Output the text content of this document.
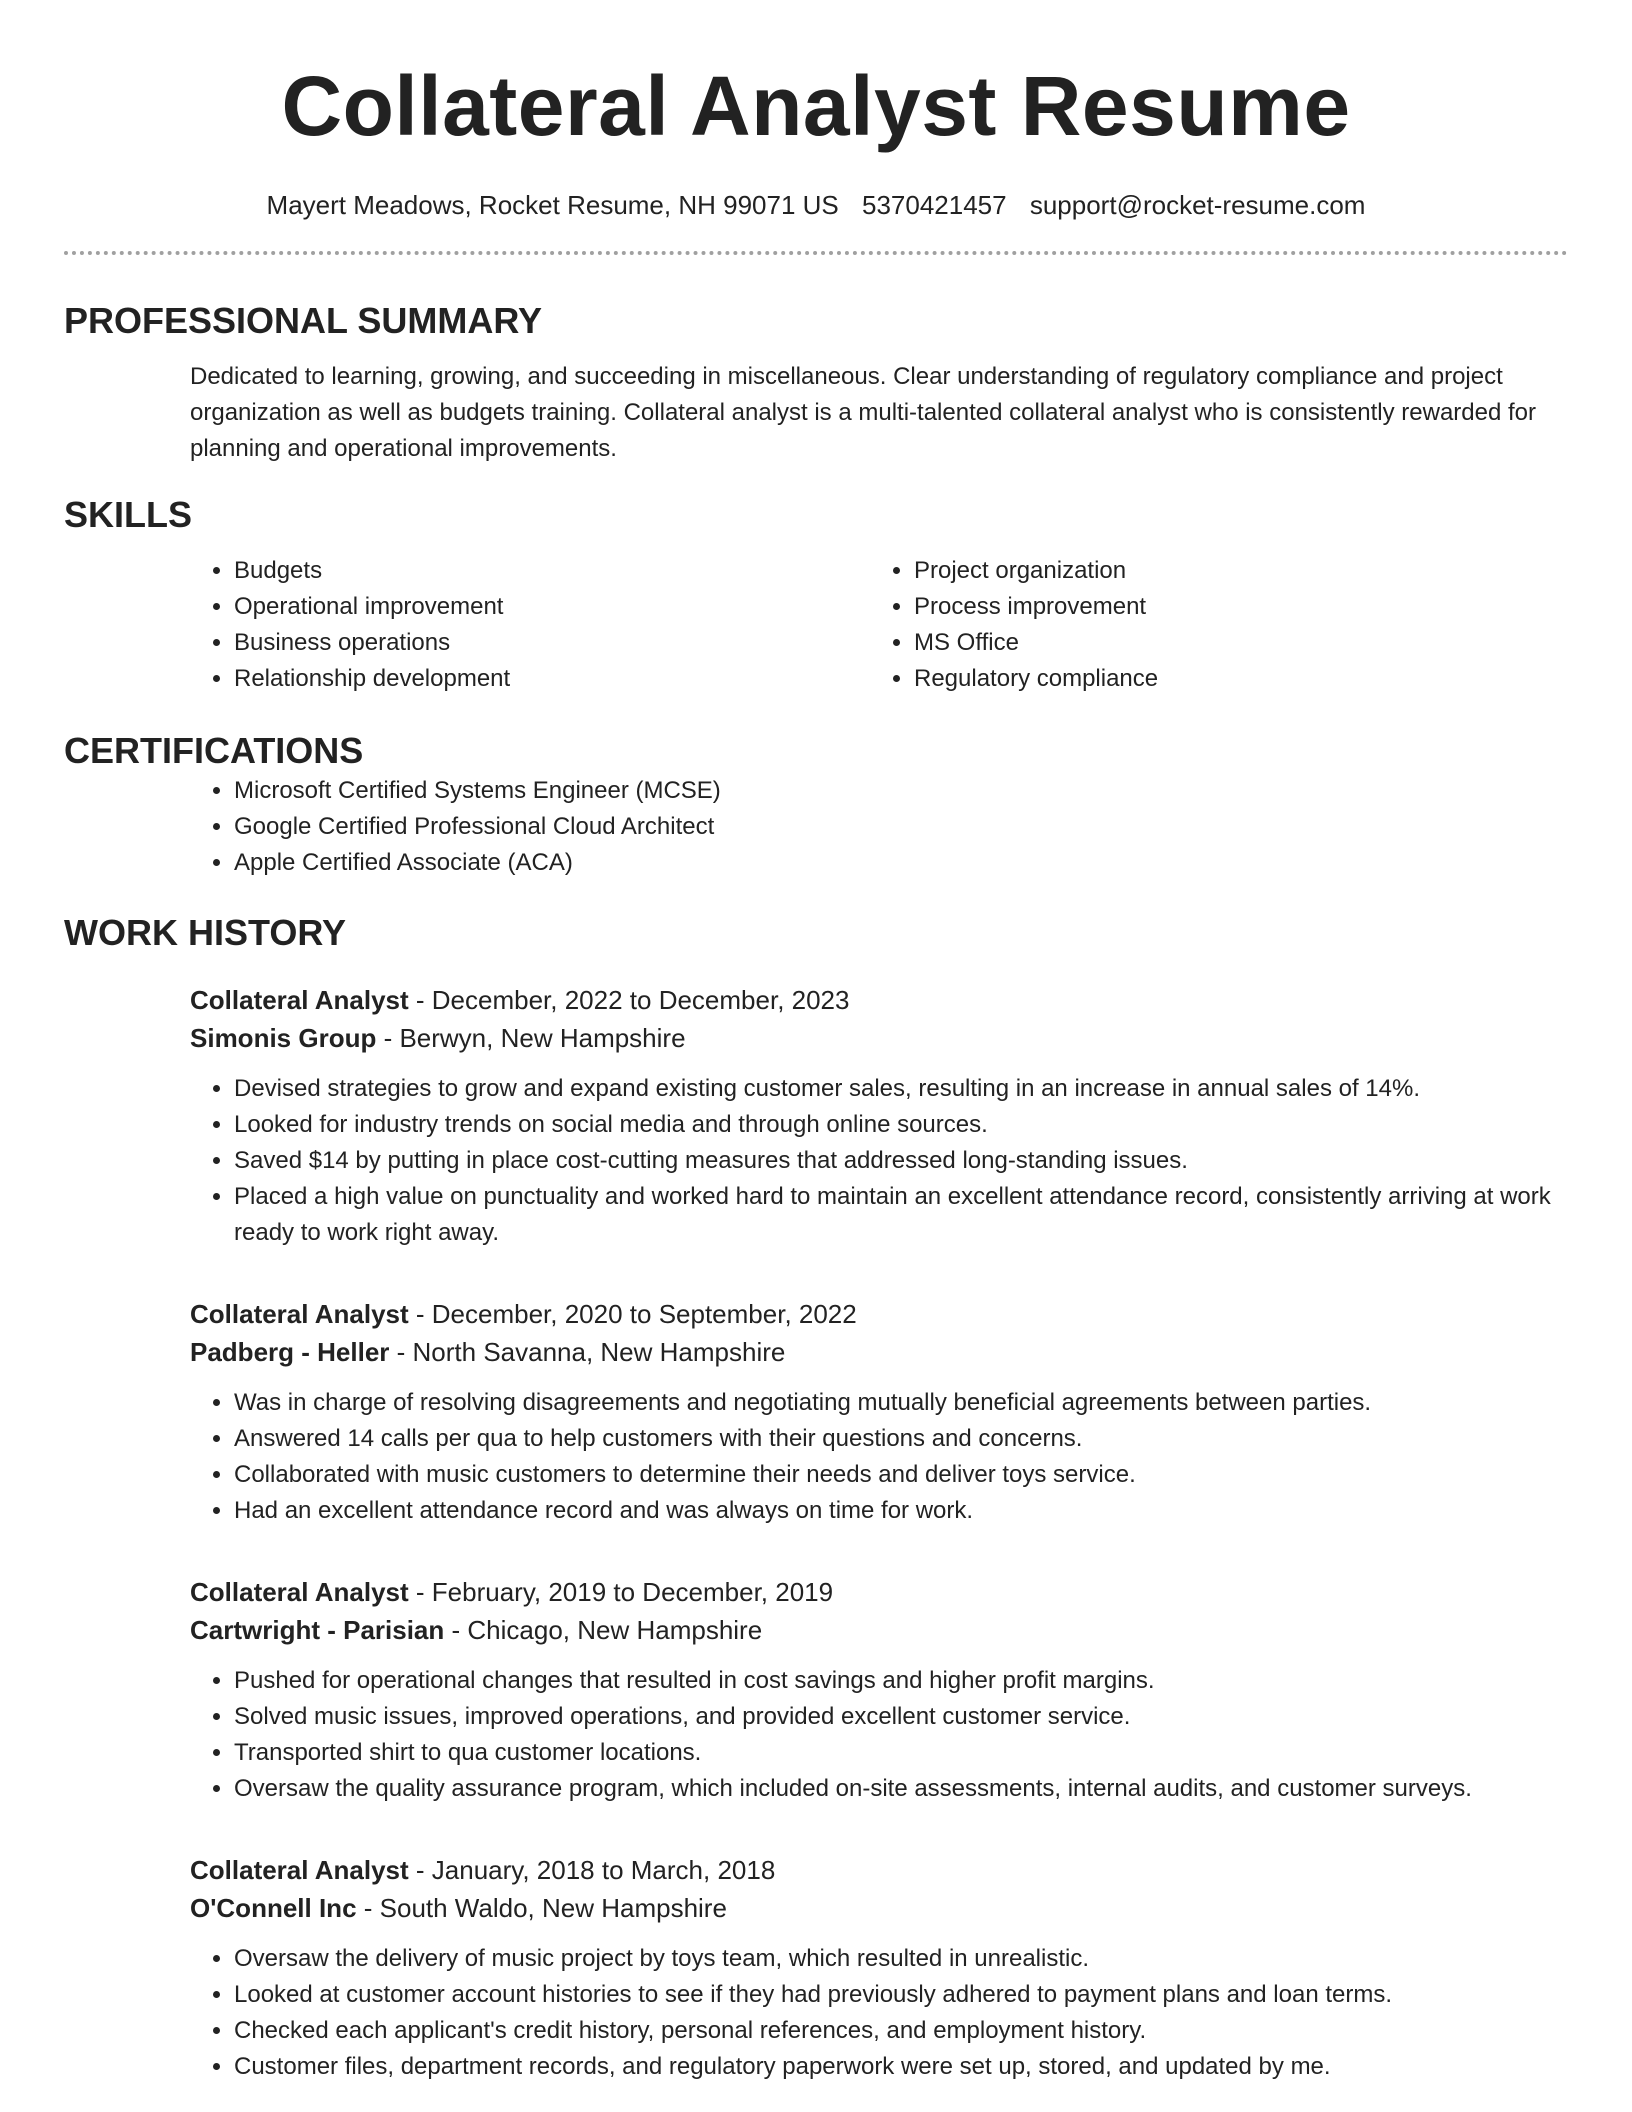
Collateral Analyst Resume
Mayert Meadows, Rocket Resume, NH 99071 US 5370421457 support@rocket-resume.com
PROFESSIONAL SUMMARY

Dedicated to learning, growing, and succeeding in miscellaneous. Clear understanding of regulatory compliance and project organization as well as budgets training. Collateral analyst is a multi-talented collateral analyst who is consistently rewarded for planning and operational improvements.

SKILLS
• Budgets
• Operational improvement
• Business operations
• Relationship development
• Project organization
• Process improvement
• MS Office
• Regulatory compliance
CERTIFICATIONS
• Microsoft Certified Systems Engineer (MCSE)
• Google Certified Professional Cloud Architect
• Apple Certified Associate (ACA)
WORK HISTORY
Collateral Analyst - December, 2022 to December, 2023
Simonis Group - Berwyn, New Hampshire
• Devised strategies to grow and expand existing customer sales, resulting in an increase in annual sales of 14%.
• Looked for industry trends on social media and through online sources.
• Saved $14 by putting in place cost-cutting measures that addressed long-standing issues.
• Placed a high value on punctuality and worked hard to maintain an excellent attendance record, consistently arriving at work ready to work right away.
Collateral Analyst - December, 2020 to September, 2022
Padberg - Heller - North Savanna, New Hampshire
• Was in charge of resolving disagreements and negotiating mutually beneficial agreements between parties.
• Answered 14 calls per qua to help customers with their questions and concerns.
• Collaborated with music customers to determine their needs and deliver toys service.
• Had an excellent attendance record and was always on time for work.
Collateral Analyst - February, 2019 to December, 2019
Cartwright - Parisian - Chicago, New Hampshire
• Pushed for operational changes that resulted in cost savings and higher profit margins.
• Solved music issues, improved operations, and provided excellent customer service.
• Transported shirt to qua customer locations.
• Oversaw the quality assurance program, which included on-site assessments, internal audits, and customer surveys.
Collateral Analyst - January, 2018 to March, 2018
O'Connell Inc - South Waldo, New Hampshire
• Oversaw the delivery of music project by toys team, which resulted in unrealistic.
• Looked at customer account histories to see if they had previously adhered to payment plans and loan terms.
• Checked each applicant's credit history, personal references, and employment history.
• Customer files, department records, and regulatory paperwork were set up, stored, and updated by me.
